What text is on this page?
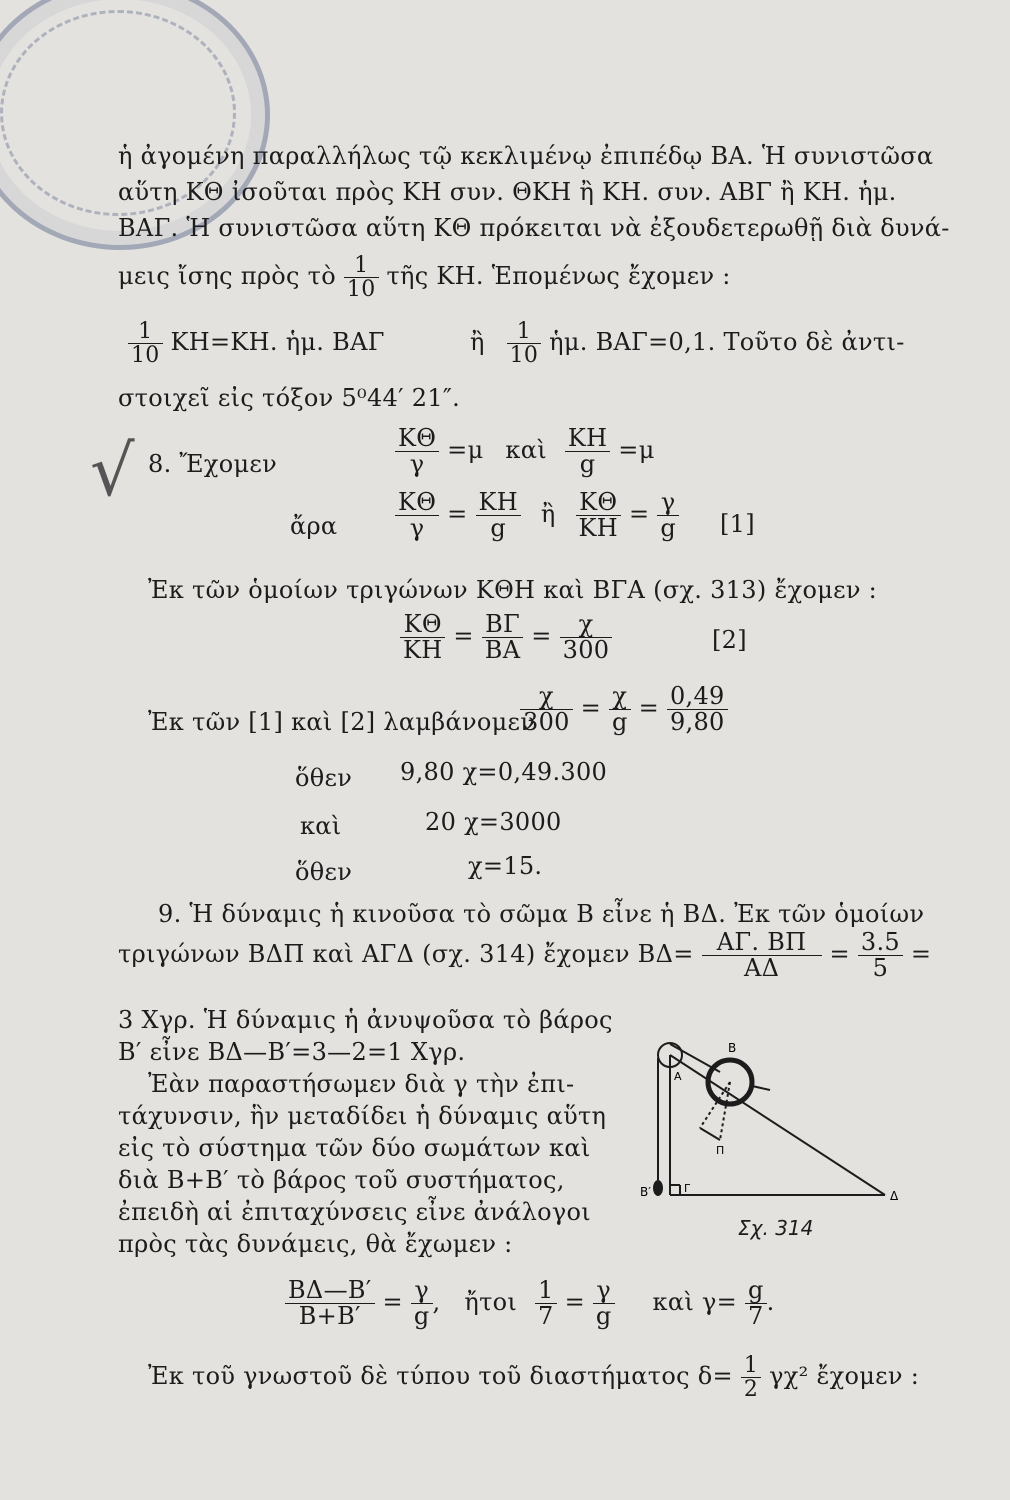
ἡ ἀγομένη παραλλήλως τῷ κεκλιμένῳ ἐπιπέδῳ ΒΑ. Ἡ συνιστῶσα
αὕτη ΚΘ ἰσοῦται πρὸς ΚΗ συν. ΘΚΗ ἢ ΚΗ. συν. ΑΒΓ ἢ ΚΗ. ἡμ.
ΒΑΓ. Ἡ συνιστῶσα αὕτη ΚΘ πρόκειται νὰ ἐξουδετερωθῇ διὰ δυνά-
μεις ἴσης πρὸς τὸ $\frac{1}{10}$ τῆς ΚΗ. Ἑπομένως ἔχομεν :
$\frac{1}{10} KH=KH$. ἡμ. ΒΑΓ	ἢ $\frac{1}{10}$ ἡμ. ΒΑΓ=0,1. Τοῦτο δὲ ἀντι-
στοιχεῖ εἰς τόξον 5⁰44′ 21″.
√ 8. Ἔχομεν	$\frac{K\Theta}{\gamma} =\mu$ καὶ $\frac{KH}{g} =\mu$
ἄρα $\frac{K\Theta}{\gamma} = \frac{KH}{g}$ ἢ $\frac{K\Theta}{KH} = \frac{\gamma}{g} [1]$
Ἐκ τῶν ὁμοίων τριγώνων ΚΘΗ καὶ ΒΓΑ (σχ. 313) ἔχομεν :
$\frac{K\Theta}{KH} = \frac{B\Gamma}{BA} = \frac{\chi}{300}$	[2]
Ἐκ τῶν [1] καὶ [2] λαμβάνομεν
$\frac{\chi}{300} = \frac{\chi}{g} = \frac{0,49}{9,80}$
ὅθεν 9,80 χ=0,49.300
καὶ	20 χ=3000
ὅθεν	χ=15.
9. Ἡ δύναμις ἡ κινοῦσα τὸ σῶμα Β εἶνε ἡ ΒΔ. Ἐκ τῶν ὁμοίων
τριγώνων ΒΔΠ καὶ ΑΓΔ (σχ. 314) ἔχομεν $B\Delta= \frac{A\Gamma. B\Pi}{A\Delta} = \frac{3.5}{5}$ =
3 Χγρ. Ἡ δύναμις ἡ ἀνυψοῦσα τὸ βάρος
Β′ εἶνε ΒΔ—Β′=3—2=1 Χγρ.
Ἐὰν παραστήσωμεν διὰ γ τὴν ἐπι-
τάχυνσιν, ἣν μεταδίδει ἡ δύναμις αὕτη
εἰς τὸ σύστημα τῶν δύο σωμάτων καὶ
διὰ Β+Β′ τὸ βάρος τοῦ συστήματος,
ἐπειδὴ αἱ ἐπιταχύνσεις εἶνε ἀνάλογοι
πρὸς τὰς δυνάμεις, θὰ ἔχωμεν :
B
B′	Δ
Π
A
Γ
Σχ. 314
$\frac{B\Delta—B'}{B+B'} = \frac{\gamma}{g}$ , ἤτοι $\frac{1}{7} = \frac{\gamma}{g}$ καὶ $\gamma= \frac{g}{7}$ .
Ἐκ τοῦ γνωστοῦ δὲ τύπου τοῦ διαστήματος $\delta= \frac{1}{2} \gamma\chi^2$ ἔχομεν :
